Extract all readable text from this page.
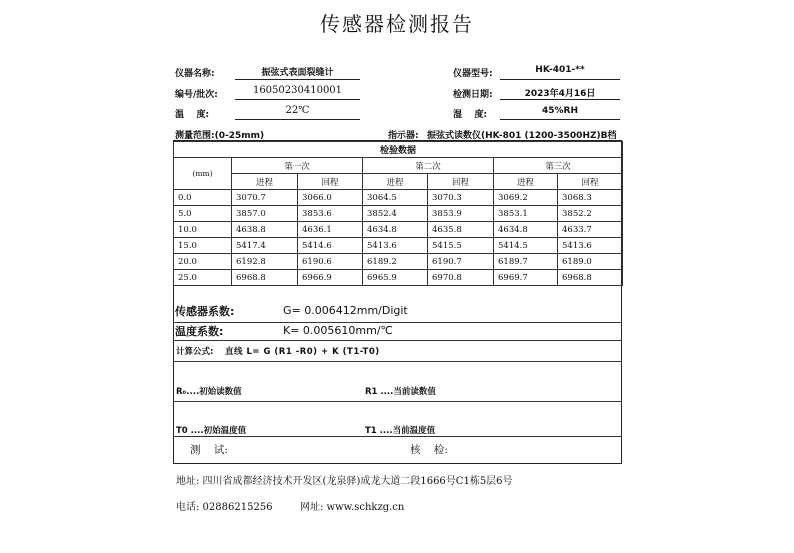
传感器检测报告
仪器名称:	振弦式表面裂缝计	仪器型号:	HK-401-**
编号/批次:	16050230410001	检测日期:	2023年4月16日
温    度:	22℃	湿    度:	45%RH
测量范围:(0-25mm)	指示器: 振弦式读数仪(HK-801 (1200-3500HZ)B档
检验数据						
(mm)	第一次		第二次		第三次	
	进程	回程	进程	回程	进程	回程
0.0	3070.7	3066.0	3064.5	3070.3	3069.2	3068.3
5.0	3857.0	3853.6	3852.4	3853.9	3853.1	3852.2
10.0	4638.8	4636.1	4634.8	4635.8	4634.8	4633.7
15.0	5417.4	5414.6	5413.6	5415.5	5414.5	5413.6
20.0	6192.8	6190.6	6189.2	6190.7	6189.7	6189.0
25.0	6968.8	6966.9	6965.9	6970.8	6969.7	6968.8
传感器系数:	G= 0.006412mm/Digit
温度系数:	K= 0.005610mm/℃
计算公式: 直线 L= G (R1 -R0) + K (T1-T0)
R₀....初始读数值	R1 ....当前读数值
T0 ....初始温度值	T1 ....当前温度值
测    试:	核    检:
地址: 四川省成都经济技术开发区(龙泉驿)成龙大道二段1666号C1栋5层6号
电话: 02886215256	网址: www.schkzg.cn
